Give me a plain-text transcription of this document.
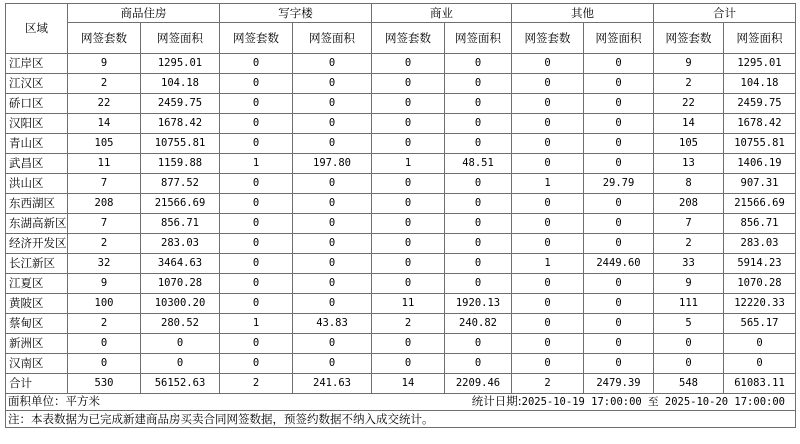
区域	商品住房		写字楼		商业		其他		合计	
	网签套数	网签面积	网签套数	网签面积	网签套数	网签面积	网签套数	网签面积	网签套数	网签面积
江岸区	9	1295.01	0	0	0	0	0	0	9	1295.01
江汉区	2	104.18	0	0	0	0	0	0	2	104.18
硚口区	22	2459.75	0	0	0	0	0	0	22	2459.75
汉阳区	14	1678.42	0	0	0	0	0	0	14	1678.42
青山区	105	10755.81	0	0	0	0	0	0	105	10755.81
武昌区	11	1159.88	1	197.80	1	48.51	0	0	13	1406.19
洪山区	7	877.52	0	0	0	0	1	29.79	8	907.31
东西湖区	208	21566.69	0	0	0	0	0	0	208	21566.69
东湖高新区	7	856.71	0	0	0	0	0	0	7	856.71
经济开发区	2	283.03	0	0	0	0	0	0	2	283.03
长江新区	32	3464.63	0	0	0	0	1	2449.60	33	5914.23
江夏区	9	1070.28	0	0	0	0	0	0	9	1070.28
黄陂区	100	10300.20	0	0	11	1920.13	0	0	111	12220.33
蔡甸区	2	280.52	1	43.83	2	240.82	0	0	5	565.17
新洲区	0	0	0	0	0	0	0	0	0	0
汉南区	0	0	0	0	0	0	0	0	0	0
合计	530	56152.63	2	241.63	14	2209.46	2	2479.39	548	61083.11

面积单位：平方米 统计日期:2025-10-19 17:00:00 至 2025-10-20 17:00:00										

注：本表数据为已完成新建商品房买卖合同网签数据，预签约数据不纳入成交统计。										
